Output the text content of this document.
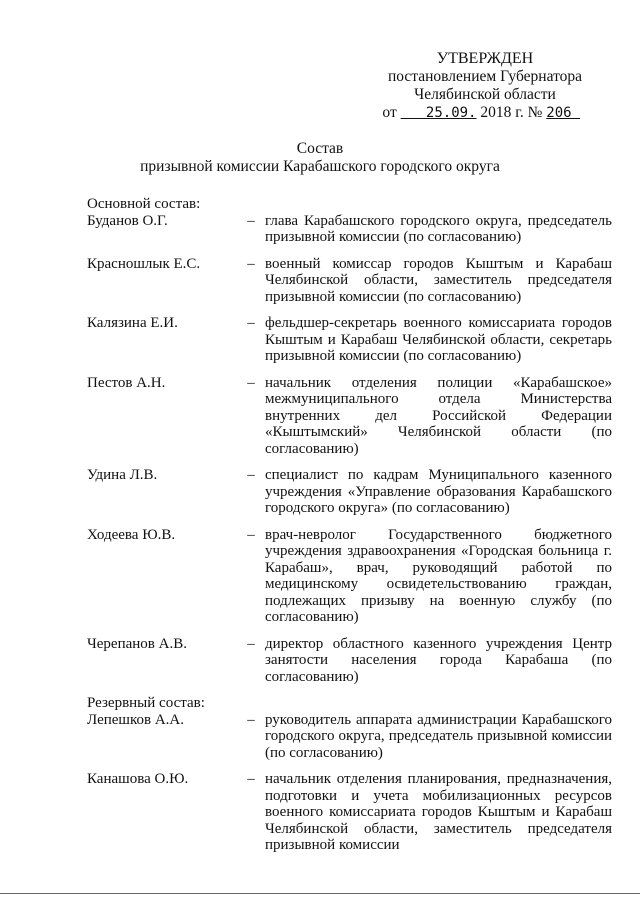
УТВЕРЖДЕН
постановлением Губернатора
Челябинской области
от 25.09. 2018 г. № 206
Состав
призывной комиссии Карабашского городского округа
Основной состав:
Буданов О.Г.	– глава Карабашского городского округа, председатель призывной комиссии (по согласованию)
Красношлык Е.С.	– военный комиссар городов Кыштым и Карабаш Челябинской области, заместитель председателя призывной комиссии (по согласованию)
Калязина Е.И.	– фельдшер-секретарь военного комиссариата городов Кыштым и Карабаш Челябинской области, секретарь призывной комиссии (по согласованию)
Пестов А.Н.	– начальник отделения полиции «Карабашское» межмуниципального отдела Министерства внутренних дел Российской Федерации «Кыштымский» Челябинской области (по согласованию)
Удина Л.В.	– специалист по кадрам Муниципального казенного учреждения «Управление образования Карабашского городского округа» (по согласованию)
Ходеева Ю.В.	– врач-невролог Государственного бюджетного учреждения здравоохранения «Городская больница г. Карабаш», врач, руководящий работой по медицинскому освидетельствованию граждан, подлежащих призыву на военную службу (по согласованию)
Черепанов А.В.	– директор областного казенного учреждения Центр занятости населения города Карабаша (по согласованию)
Резервный состав:
Лепешков А.А.	– руководитель аппарата администрации Карабашского городского округа, председатель призывной комиссии (по согласованию)
Канашова О.Ю.	– начальник отделения планирования, предназначения, подготовки и учета мобилизационных ресурсов военного комиссариата городов Кыштым и Карабаш Челябинской области, заместитель председателя призывной комиссии
